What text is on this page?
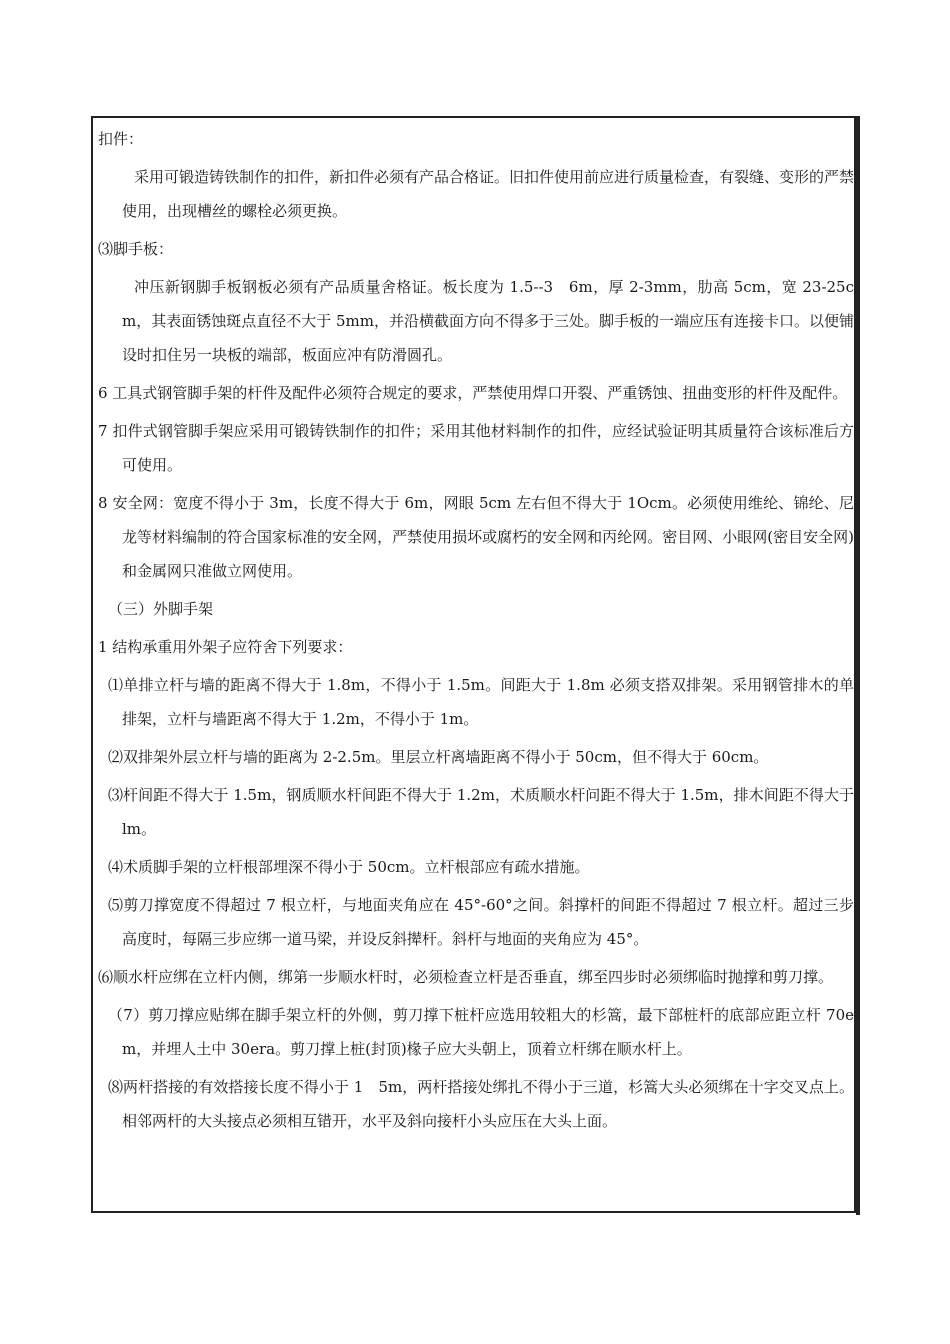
扣件：

采用可锻造铸铁制作的扣件，新扣件必须有产品合格证。旧扣件使用前应进行质量检查，有裂缝、变形的严禁使用，出现槽丝的螺栓必须更换。

⑶脚手板：

冲压新钢脚手板钢板必须有产品质量舍格证。板长度为 1.5--3　6m，厚 2-3mm，肋高 5cm，宽 23-25cm，其表面锈蚀斑点直径不大于 5mm，并沿横截面方向不得多于三处。脚手板的一端应压有连接卡口。以便铺设时扣住另一块板的端部，板面应冲有防滑圆孔。

6 工具式钢管脚手架的杆件及配件必须符合规定的要求，严禁使用焊口开裂、严重锈蚀、扭曲变形的杆件及配件。

7 扣件式钢管脚手架应采用可锻铸铁制作的扣件；采用其他材料制作的扣件，应经试验证明其质量符合该标准后方可使用。

8 安全网：宽度不得小于 3m，长度不得大于 6m，网眼 5cm 左右但不得大于 1Ocm。必须使用维纶、锦纶、尼龙等材料编制的符合国家标准的安全网，严禁使用损坏或腐朽的安全网和丙纶网。密目网、小眼网(密目安全网)和金属网只准做立网使用。

（三）外脚手架

1 结构承重用外架子应符舍下列要求：

⑴单排立杆与墙的距离不得大于 1.8m，不得小于 1.5m。间距大于 1.8m 必须支搭双排架。采用钢管排木的单排架，立杆与墙距离不得大于 1.2m，不得小于 1m。

⑵双排架外层立杆与墙的距离为 2-2.5m。里层立杆离墙距离不得小于 50cm，但不得大于 60cm。

⑶杆间距不得大于 1.5m，钢质顺水杆间距不得大于 1.2m，术质顺水杆问距不得大于 1.5m，排木间距不得大于 lm。

⑷术质脚手架的立杆根部埋深不得小于 50cm。立杆根部应有疏水措施。

⑸剪刀撑宽度不得超过 7 根立杆，与地面夹角应在 45°-60°之间。斜撑杆的间距不得超过 7 根立杆。超过三步高度时，每隔三步应绑一道马梁，并设反斜撵杆。斜杆与地面的夹角应为 45°。

⑹顺水杆应绑在立杆内侧，绑第一步顺水杆时，必须检查立杆是否垂直，绑至四步时必须绑临时抛撑和剪刀撑。

（7）剪刀撑应贴绑在脚手架立杆的外侧，剪刀撑下桩杆应选用较粗大的杉篙，最下部桩杆的底部应距立杆 70em，并埋人土中 30era。剪刀撑上桩(封顶)椽子应大头朝上，顶着立杆绑在顺水杆上。

⑻两杆搭接的有效搭接长度不得小于 1　5m，两杆搭接处绑扎不得小于三道，杉篙大头必须绑在十字交叉点上。相邻两杆的大头接点必须相互错开，水平及斜向接杆小头应压在大头上面。
